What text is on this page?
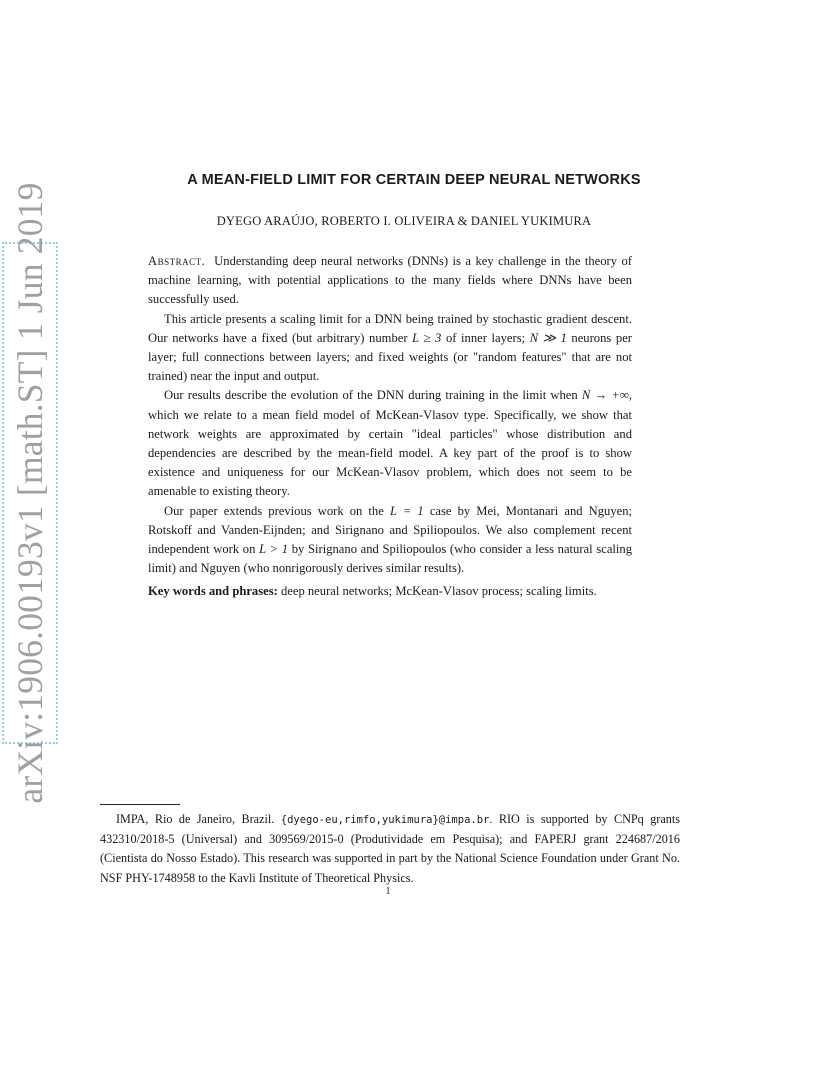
arXiv:1906.00193v1 [math.ST] 1 Jun 2019
A MEAN-FIELD LIMIT FOR CERTAIN DEEP NEURAL NETWORKS
DYEGO ARAÚJO, ROBERTO I. OLIVEIRA & DANIEL YUKIMURA

Abstract. Understanding deep neural networks (DNNs) is a key challenge in the theory of machine learning, with potential applications to the many fields where DNNs have been successfully used.

This article presents a scaling limit for a DNN being trained by stochastic gradient descent. Our networks have a fixed (but arbitrary) number L ≥ 3 of inner layers; N ≫ 1 neurons per layer; full connections between layers; and fixed weights (or "random features" that are not trained) near the input and output.

Our results describe the evolution of the DNN during training in the limit when N → +∞, which we relate to a mean field model of McKean-Vlasov type. Specifically, we show that network weights are approximated by certain "ideal particles" whose distribution and dependencies are described by the mean-field model. A key part of the proof is to show existence and uniqueness for our McKean-Vlasov problem, which does not seem to be amenable to existing theory.

Our paper extends previous work on the L = 1 case by Mei, Montanari and Nguyen; Rotskoff and Vanden-Eijnden; and Sirignano and Spiliopoulos. We also complement recent independent work on L > 1 by Sirignano and Spiliopoulos (who consider a less natural scaling limit) and Nguyen (who nonrigorously derives similar results).

Key words and phrases: deep neural networks; McKean-Vlasov process; scaling limits.

IMPA, Rio de Janeiro, Brazil. {dyego-eu,rimfo,yukimura}@impa.br. RIO is supported by CNPq grants 432310/2018-5 (Universal) and 309569/2015-0 (Produtividade em Pesquisa); and FAPERJ grant 224687/2016 (Cientista do Nosso Estado). This research was supported in part by the National Science Foundation under Grant No. NSF PHY-1748958 to the Kavli Institute of Theoretical Physics.

1
